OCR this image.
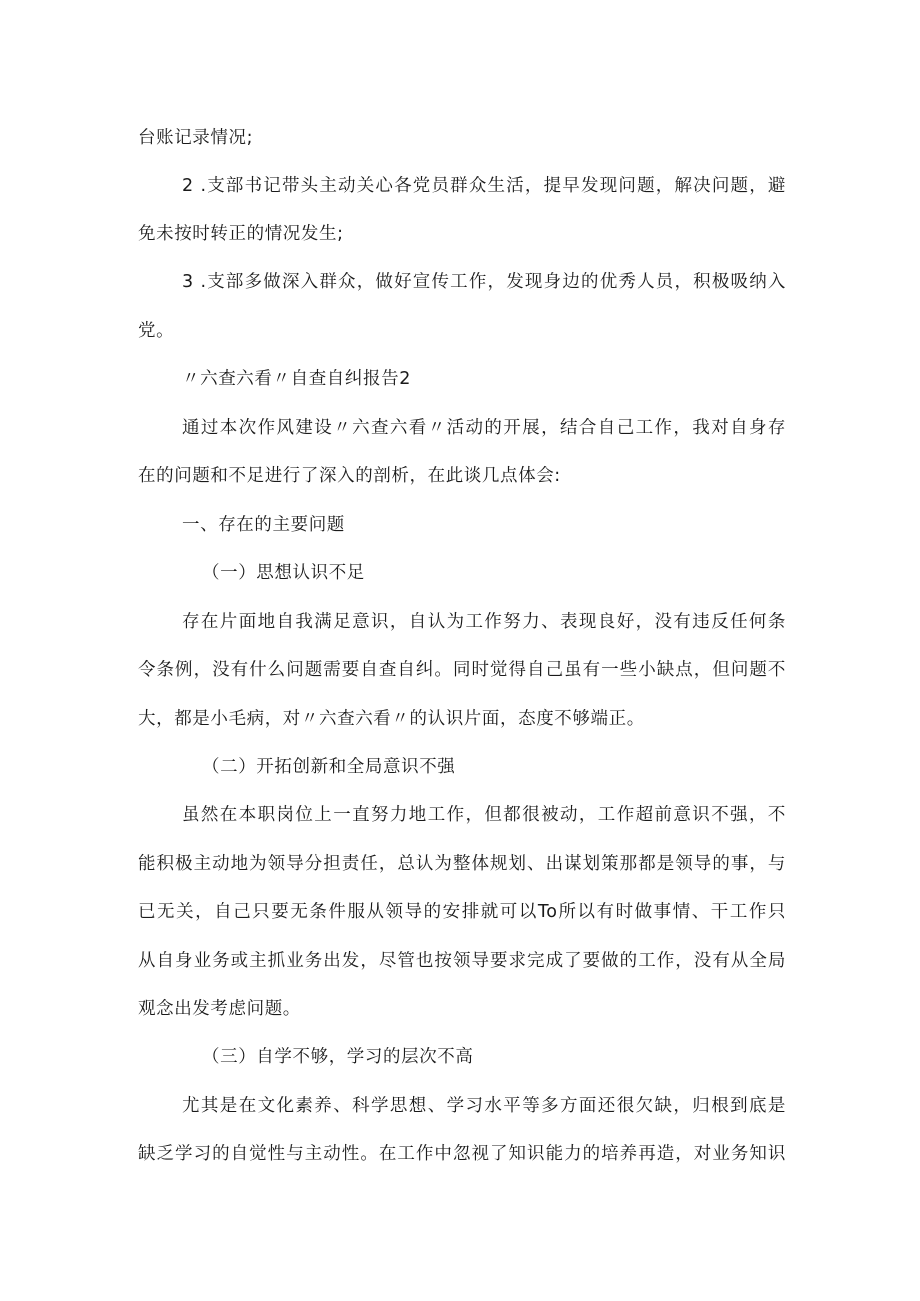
台账记录情况;
2 .支部书记带头主动关心各党员群众生活，提早发现问题，解决问题，避
免未按时转正的情况发生;
3 .支部多做深入群众，做好宣传工作，发现身边的优秀人员，积极吸纳入
党。
〃六查六看〃自查自纠报告2
通过本次作风建设〃六查六看〃活动的开展，结合自己工作，我对自身存
在的问题和不足进行了深入的剖析，在此谈几点体会:
一、存在的主要问题
（一）思想认识不足
存在片面地自我满足意识，自认为工作努力、表现良好，没有违反任何条
令条例，没有什么问题需要自查自纠。同时觉得自己虽有一些小缺点，但问题不
大，都是小毛病，对〃六查六看〃的认识片面，态度不够端正。
（二）开拓创新和全局意识不强
虽然在本职岗位上一直努力地工作，但都很被动，工作超前意识不强，不
能积极主动地为领导分担责任，总认为整体规划、出谋划策那都是领导的事，与
已无关，自己只要无条件服从领导的安排就可以To所以有时做事情、干工作只
从自身业务或主抓业务出发，尽管也按领导要求完成了要做的工作，没有从全局
观念出发考虑问题。
（三）自学不够，学习的层次不高
尤其是在文化素养、科学思想、学习水平等多方面还很欠缺，归根到底是
缺乏学习的自觉性与主动性。在工作中忽视了知识能力的培养再造，对业务知识
